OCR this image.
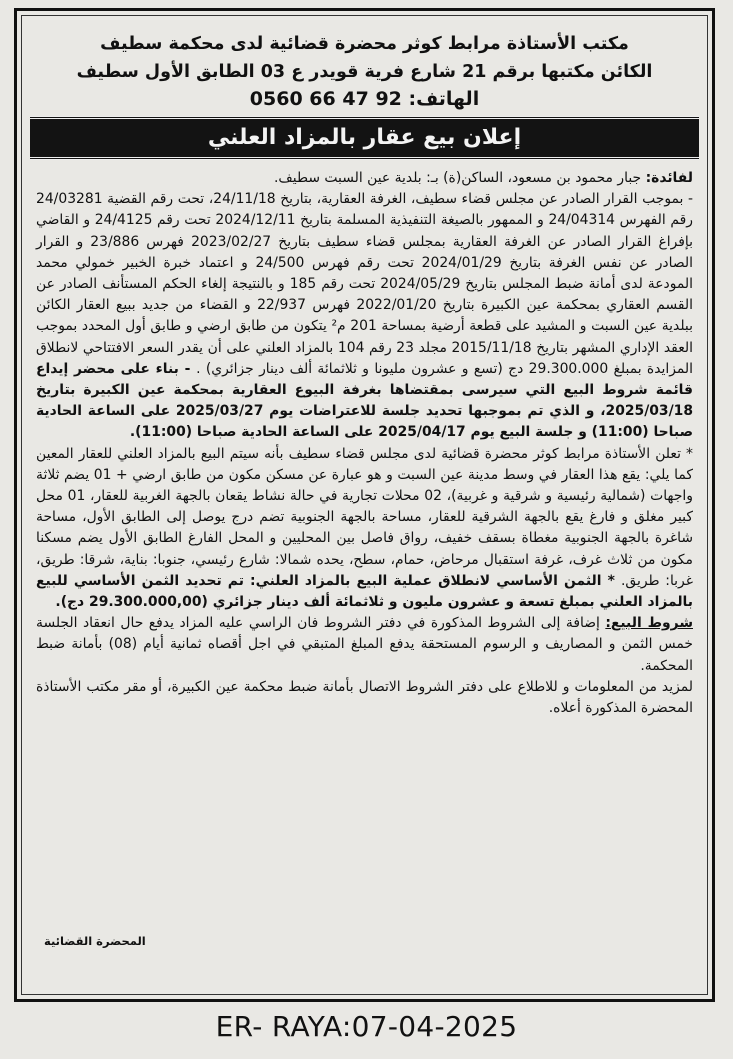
مكتب الأستاذة مرابط كوثر محضرة قضائية لدى محكمة سطيف
الكائن مكتبها برقم 21 شارع فرية قويدر ع 03 الطابق الأول سطيف
الهاتف: 92 47 66 0560
إعلان بيع عقار بالمزاد العلني

لفائدة: جبار محمود بن مسعود، الساكن(ة) بـ: بلدية عين السبت سطيف.

- بموجب القرار الصادر عن مجلس قضاء سطيف، الغرفة العقارية، بتاريخ 24/11/18، تحت رقم القضية 24/03281 رقم الفهرس 24/04314 و الممهور بالصيغة التنفيذية المسلمة بتاريخ 2024/12/11 تحت رقم 24/4125 و القاضي بإفراغ القرار الصادر عن الغرفة العقارية بمجلس قضاء سطيف بتاريخ 2023/02/27 فهرس 23/886 و القرار الصادر عن نفس الغرفة بتاريخ 2024/01/29 تحت رقم فهرس 24/500 و اعتماد خبرة الخبير خمولي محمد المودعة لدى أمانة ضبط المجلس بتاريخ 2024/05/29 تحت رقم 185 و بالنتيجة إلغاء الحكم المستأنف الصادر عن القسم العقاري بمحكمة عين الكبيرة بتاريخ 2022/01/20 فهرس 22/937 و القضاء من جديد ببيع العقار الكائن ببلدية عين السبت و المشيد على قطعة أرضية بمساحة 201 م² يتكون من طابق ارضي و طابق أول المحدد بموجب العقد الإداري المشهر بتاريخ 2015/11/18 مجلد 23 رقم 104 بالمزاد العلني على أن يقدر السعر الافتتاحي لانطلاق المزايدة بمبلغ 29.300.000 دج (تسع و عشرون مليونا و ثلاثمائة ألف دينار جزائري) . - بناء على محضر إيداع قائمة شروط البيع التي سيرسى بمقتضاها بغرفة البيوع العقارية بمحكمة عين الكبيرة بتاريخ 2025/03/18، و الذي تم بموجبها تحديد جلسة للاعتراضات يوم 2025/03/27 على الساعة الحادية صباحا (11:00) و جلسة البيع يوم 2025/04/17 على الساعة الحادية صباحا (11:00).

* تعلن الأستاذة مرابط كوثر محضرة قضائية لدى مجلس قضاء سطيف بأنه سيتم البيع بالمزاد العلني للعقار المعين كما يلي: يقع هذا العقار في وسط مدينة عين السبت و هو عبارة عن مسكن مكون من طابق ارضي + 01 يضم ثلاثة واجهات (شمالية رئيسية و شرقية و غربية)، 02 محلات تجارية في حالة نشاط يقعان بالجهة الغربية للعقار، 01 محل كبير مغلق و فارغ يقع بالجهة الشرقية للعقار، مساحة بالجهة الجنوبية تضم درج يوصل إلى الطابق الأول، مساحة شاغرة بالجهة الجنوبية مغطاة بسقف خفيف، رواق فاصل بين المحليين و المحل الفارغ الطابق الأول يضم مسكنا مكون من ثلاث غرف، غرفة استقبال مرحاض، حمام، سطح، يحده شمالا: شارع رئيسي، جنوبا: بناية، شرقا: طريق، غربا: طريق. * الثمن الأساسي لانطلاق عملية البيع بالمزاد العلني: تم تحديد الثمن الأساسي للبيع بالمزاد العلني بمبلغ تسعة و عشرون مليون و ثلاثمائة ألف دينار جزائري (29.300.000,00 دج).

شروط البيع: إضافة إلى الشروط المذكورة في دفتر الشروط فان الراسي عليه المزاد يدفع حال انعقاد الجلسة خمس الثمن و المصاريف و الرسوم المستحقة يدفع المبلغ المتبقي في اجل أقصاه ثمانية أيام (08) بأمانة ضبط المحكمة.

لمزيد من المعلومات و للاطلاع على دفتر الشروط الاتصال بأمانة ضبط محكمة عين الكبيرة، أو مقر مكتب الأستاذة المحضرة المذكورة أعلاه.

المحضرة القضائية
ER- RAYA:07-04-2025
